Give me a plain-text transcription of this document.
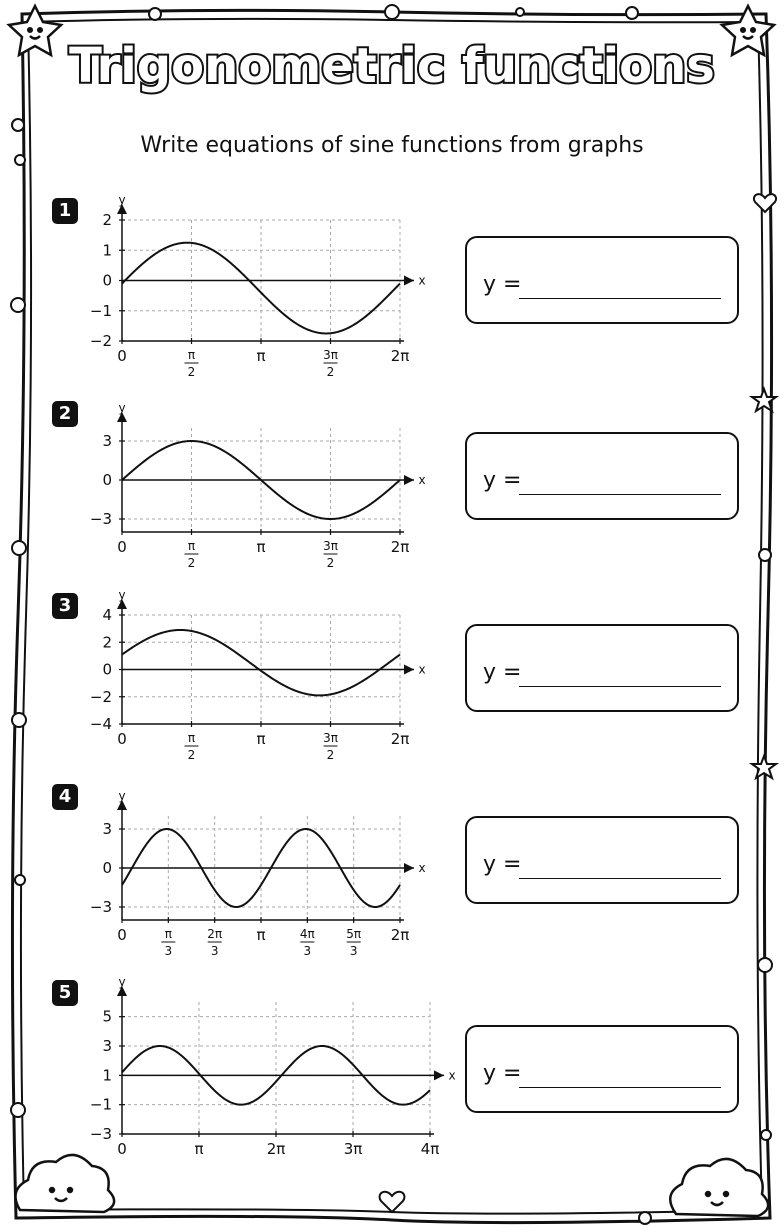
Trigonometric functions
Write equations of sine functions from graphs
1	y
x
2
1
0
−1
−2
0	π
2
π	3π
2
2π
y =
2	y
x
3
0
−3
0	π
2
π	3π
2
2π
y =
3	y
x
4
2
0
−2
−4
0	π
2
π	3π
2
2π
y =
4	y
x
3
0
−3
0	π
3
2π
3
π	4π
3
5π
3
2π
y =
5	y
x
5
3
1
−1
−3
0	π	2π	3π	4π
y =
